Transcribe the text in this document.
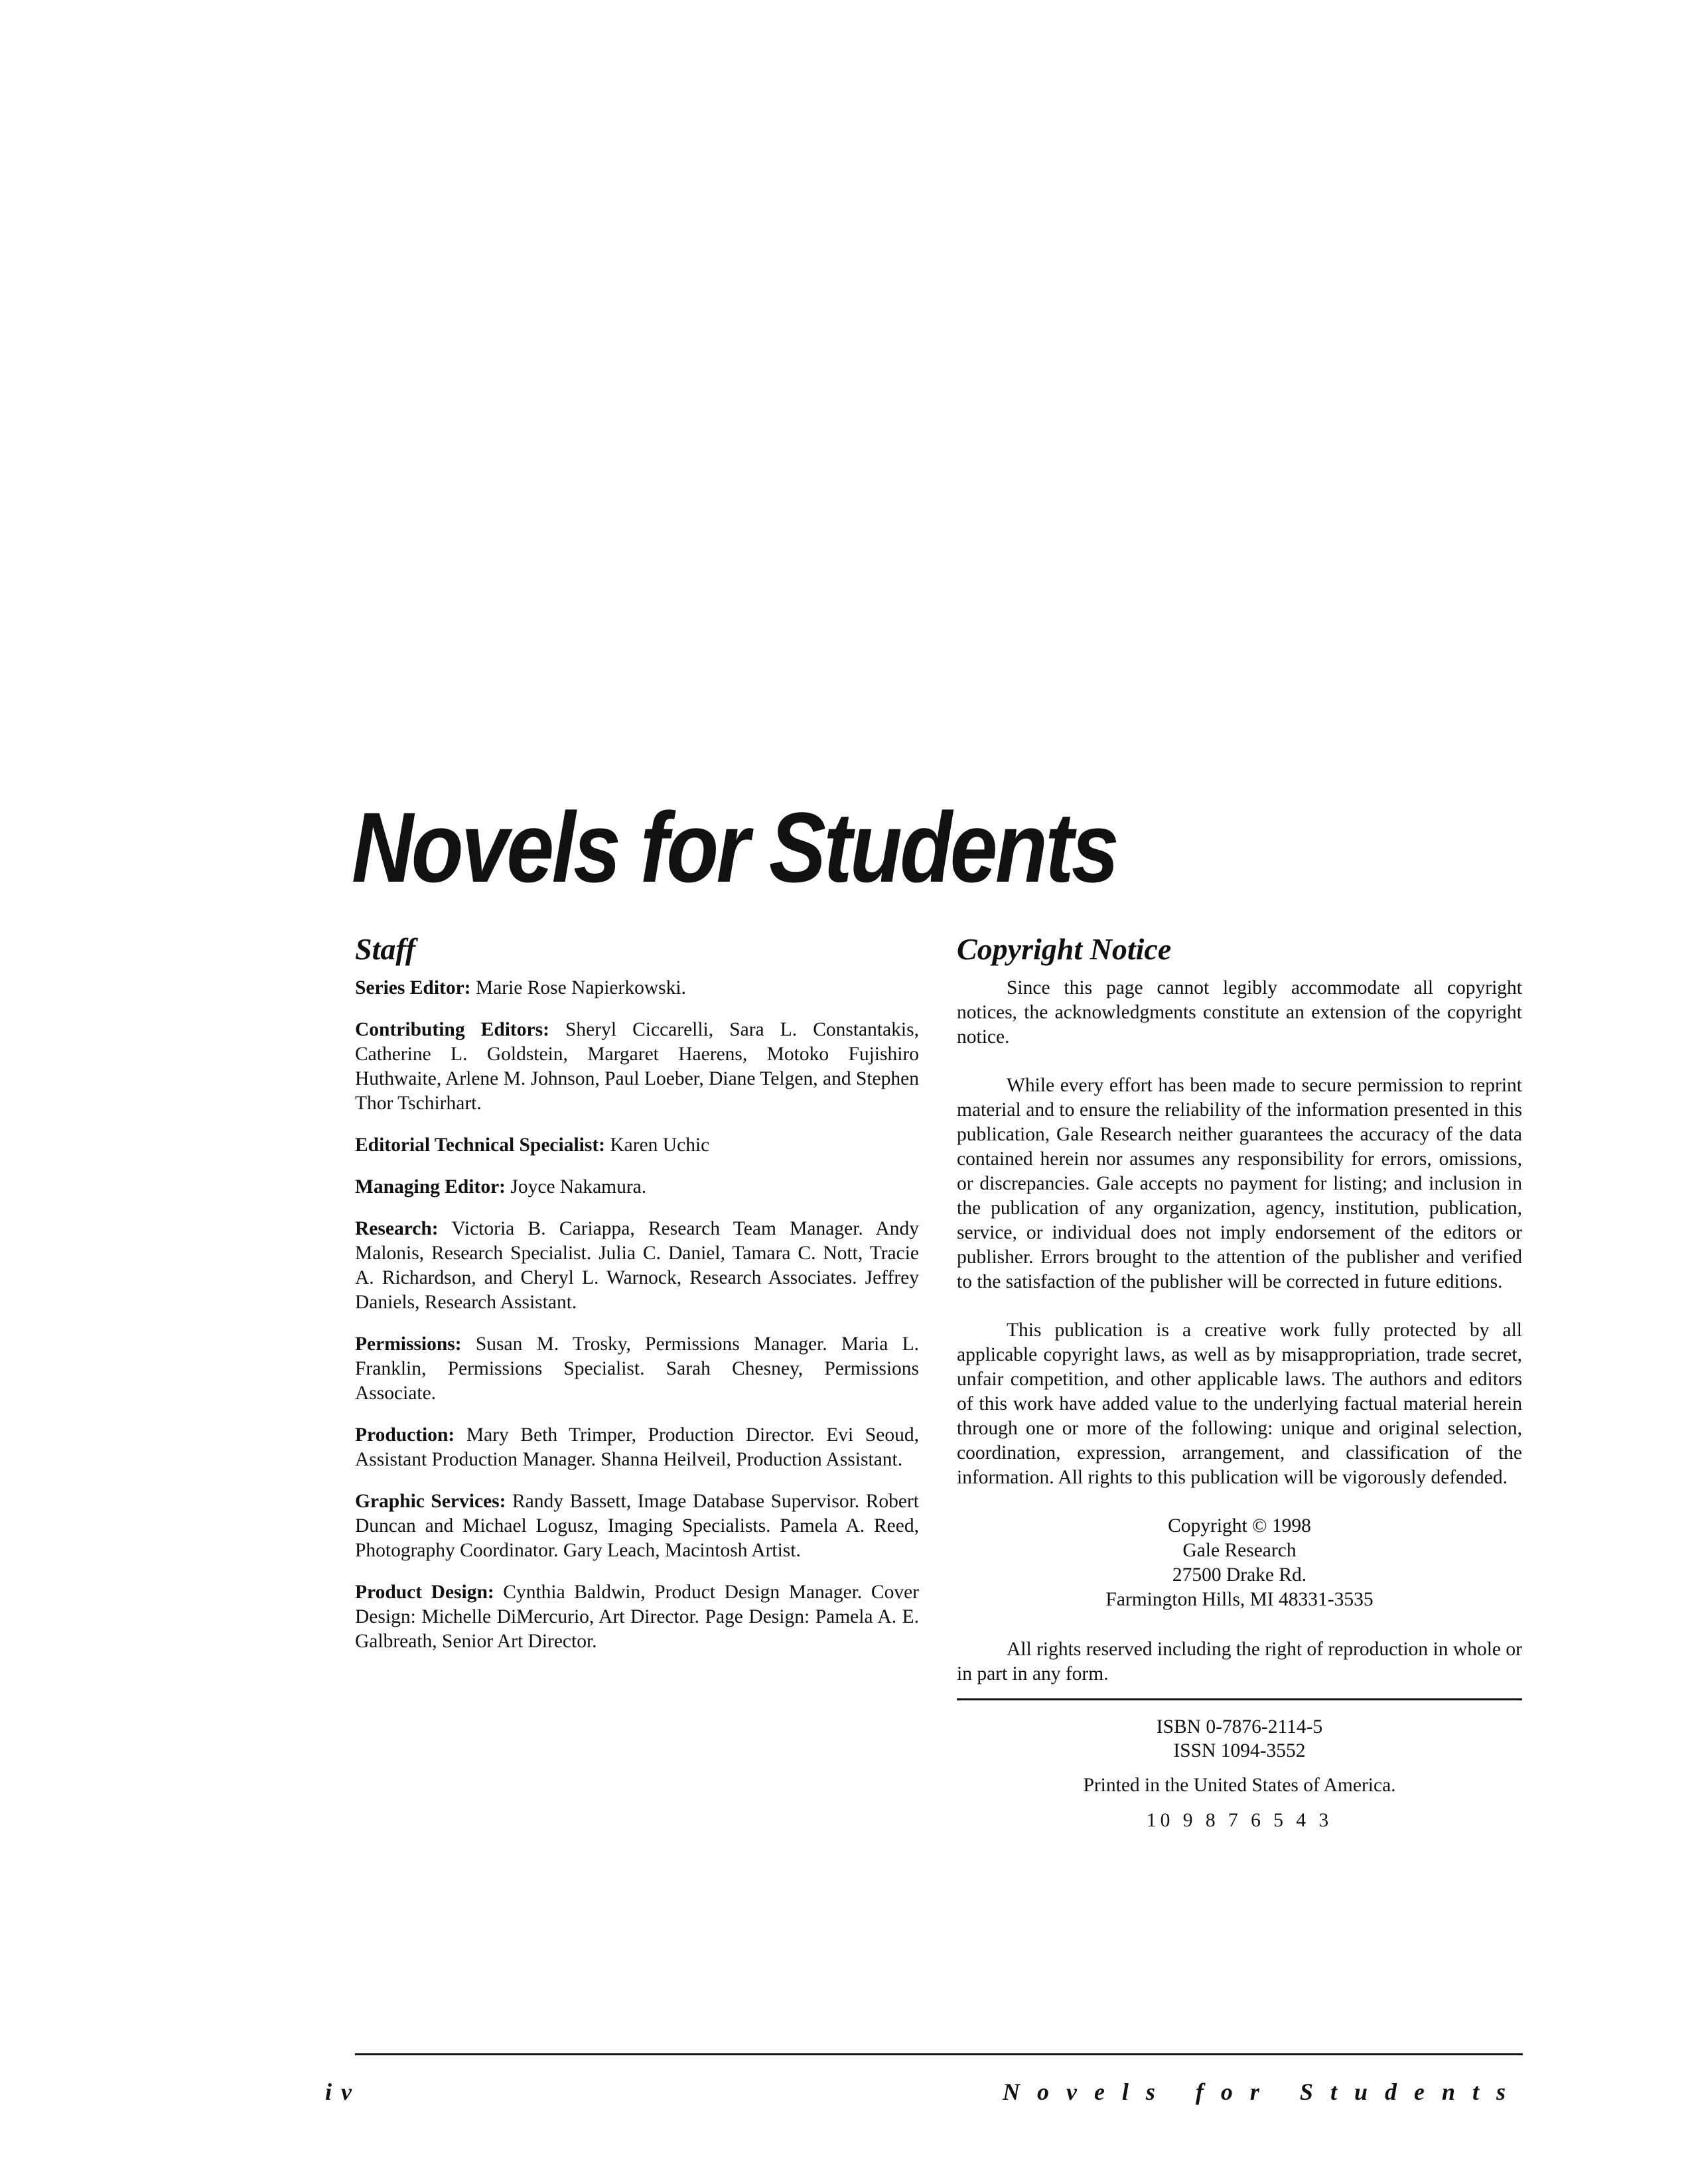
Novels for Students
Staff

Series Editor: Marie Rose Napierkowski.

Contributing Editors: Sheryl Ciccarelli, Sara L. Constantakis, Catherine L. Goldstein, Margaret Haerens, Motoko Fujishiro Huthwaite, Arlene M. Johnson, Paul Loeber, Diane Telgen, and Stephen Thor Tschirhart.

Editorial Technical Specialist: Karen Uchic

Managing Editor: Joyce Nakamura.

Research: Victoria B. Cariappa, Research Team Manager. Andy Malonis, Research Specialist. Julia C. Daniel, Tamara C. Nott, Tracie A. Richardson, and Cheryl L. Warnock, Research Associates. Jeffrey Daniels, Research Assistant.

Permissions: Susan M. Trosky, Permissions Manager. Maria L. Franklin, Permissions Specialist. Sarah Chesney, Permissions Associate.

Production: Mary Beth Trimper, Production Director. Evi Seoud, Assistant Production Manager. Shanna Heilveil, Production Assistant.

Graphic Services: Randy Bassett, Image Database Supervisor. Robert Duncan and Michael Logusz, Imaging Specialists. Pamela A. Reed, Photography Coordinator. Gary Leach, Macintosh Artist.

Product Design: Cynthia Baldwin, Product Design Manager. Cover Design: Michelle DiMercurio, Art Director. Page Design: Pamela A. E. Galbreath, Senior Art Director.

Copyright Notice

Since this page cannot legibly accommodate all copyright notices, the acknowledgments constitute an extension of the copyright notice.

While every effort has been made to secure permission to reprint material and to ensure the reliability of the information presented in this publication, Gale Research neither guarantees the accuracy of the data contained herein nor assumes any responsibility for errors, omissions, or discrepancies. Gale accepts no payment for listing; and inclusion in the publication of any organization, agency, institution, publication, service, or individual does not imply endorsement of the editors or publisher. Errors brought to the attention of the publisher and verified to the satisfaction of the publisher will be corrected in future editions.

This publication is a creative work fully protected by all applicable copyright laws, as well as by misappropriation, trade secret, unfair competition, and other applicable laws. The authors and editors of this work have added value to the underlying factual material herein through one or more of the following: unique and original selection, coordination, expression, arrangement, and classification of the information. All rights to this publication will be vigorously defended.

Copyright © 1998
Gale Research
27500 Drake Rd.
Farmington Hills, MI 48331-3535

All rights reserved including the right of reproduction in whole or in part in any form.

ISBN 0-7876-2114-5
ISSN 1094-3552
Printed in the United States of America.
10 9 8 7 6 5 4 3
iv	Novels for Students
